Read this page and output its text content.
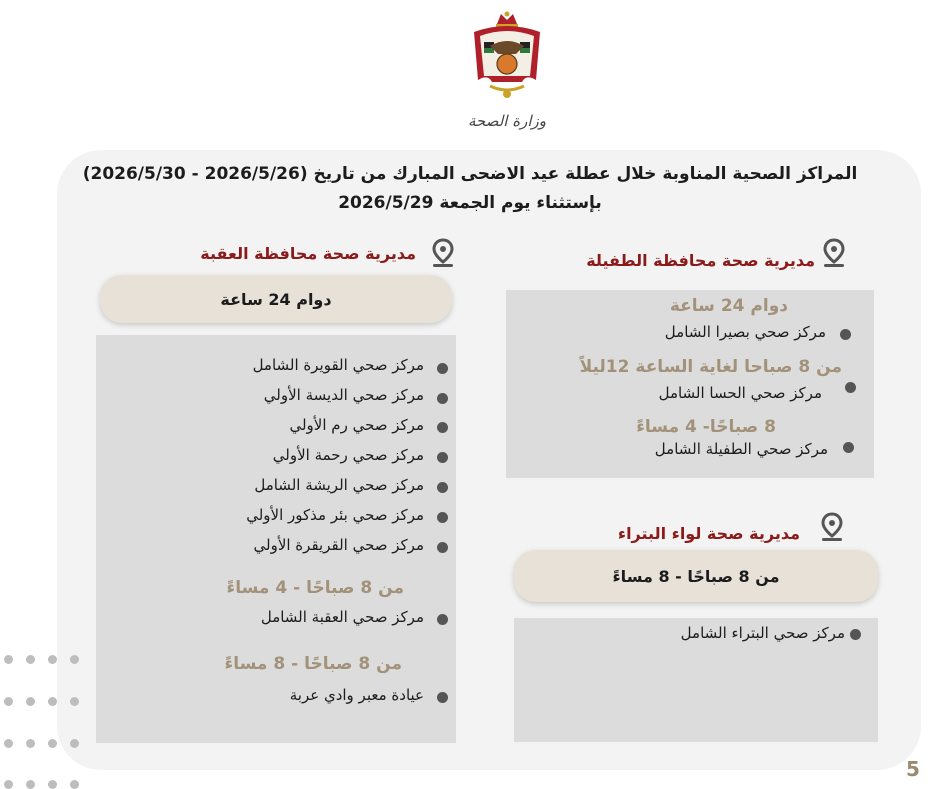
وزارة الصحة
المراكز الصحية المناوبة خلال عطلة عيد الاضحى المبارك من تاريخ (2026/5/26 - 2026/5/30)
بإستثناء يوم الجمعة 2026/5/29
مديرية صحة محافظة الطفيلة
دوام 24 ساعة
مركز صحي بصيرا الشامل
من 8 صباحا لغاية الساعة 12ليلاً
مركز صحي الحسا الشامل
8 صباحًا- 4 مساءً
مركز صحي الطفيلة الشامل
مديرية صحة لواء البتراء
من 8 صباحًا - 8 مساءً
مركز صحي البتراء الشامل
مديرية صحة محافظة العقبة
دوام 24 ساعة
مركز صحي القويرة الشامل
مركز صحي الديسة الأولي
مركز صحي رم الأولي
مركز صحي رحمة الأولي
مركز صحي الريشة الشامل
مركز صحي بئر مذكور الأولي
مركز صحي القريقرة الأولي
من 8 صباحًا - 4 مساءً
مركز صحي العقبة الشامل
من 8 صباحًا - 8 مساءً
عيادة معبر وادي عربة
5
